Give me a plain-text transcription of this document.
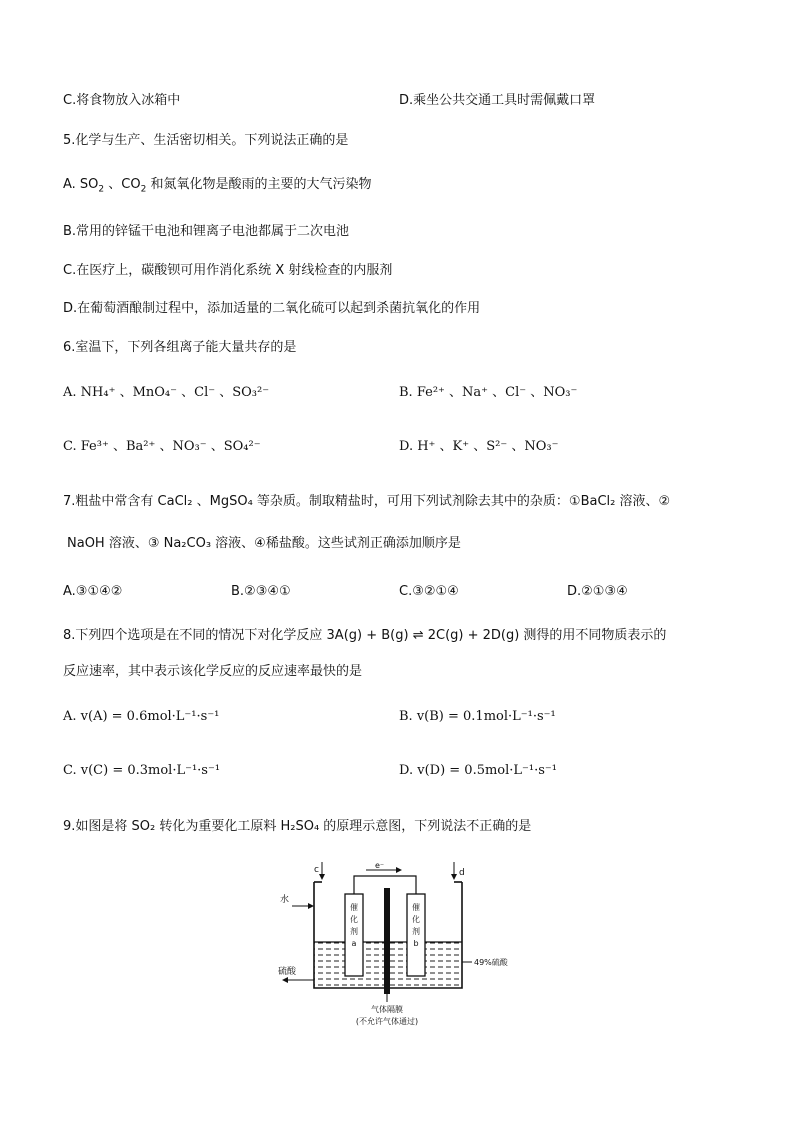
C.将食物放入冰箱中	D.乘坐公共交通工具时需佩戴口罩
5.化学与生产、生活密切相关。下列说法正确的是
A. $SO_2$ 、$CO_2$ 和氮氧化物是酸雨的主要的大气污染物
B.常用的锌锰干电池和锂离子电池都属于二次电池
C.在医疗上，碳酸钡可用作消化系统 X 射线检查的内服剂
D.在葡萄酒酿制过程中，添加适量的二氧化硫可以起到杀菌抗氧化的作用
6.室温下，下列各组离子能大量共存的是
A. NH₄⁺ 、MnO₄⁻ 、Cl⁻ 、SO₃²⁻	B. Fe²⁺ 、Na⁺ 、Cl⁻ 、NO₃⁻
C. Fe³⁺ 、Ba²⁺ 、NO₃⁻ 、SO₄²⁻	D. H⁺ 、K⁺ 、S²⁻ 、NO₃⁻
7.粗盐中常含有 CaCl₂ 、MgSO₄ 等杂质。制取精盐时，可用下列试剂除去其中的杂质：①BaCl₂ 溶液、②
NaOH 溶液、③ Na₂CO₃ 溶液、④稀盐酸。这些试剂正确添加顺序是
A.③①④②	B.②③④①	C.③②①④	D.②①③④
8.下列四个选项是在不同的情况下对化学反应 3A(g) + B(g) ⇌ 2C(g) + 2D(g) 测得的用不同物质表示的
反应速率，其中表示该化学反应的反应速率最快的是
A. v(A) = 0.6mol·L⁻¹·s⁻¹	B. v(B) = 0.1mol·L⁻¹·s⁻¹
C. v(C) = 0.3mol·L⁻¹·s⁻¹	D. v(D) = 0.5mol·L⁻¹·s⁻¹
9.如图是将 SO₂ 转化为重要化工原料 H₂SO₄ 的原理示意图，下列说法不正确的是
e⁻
c	d
水
硫酸
49%硫酸
催
化
剂
a
催
化
剂
b
气体隔膜
(不允许气体通过)
